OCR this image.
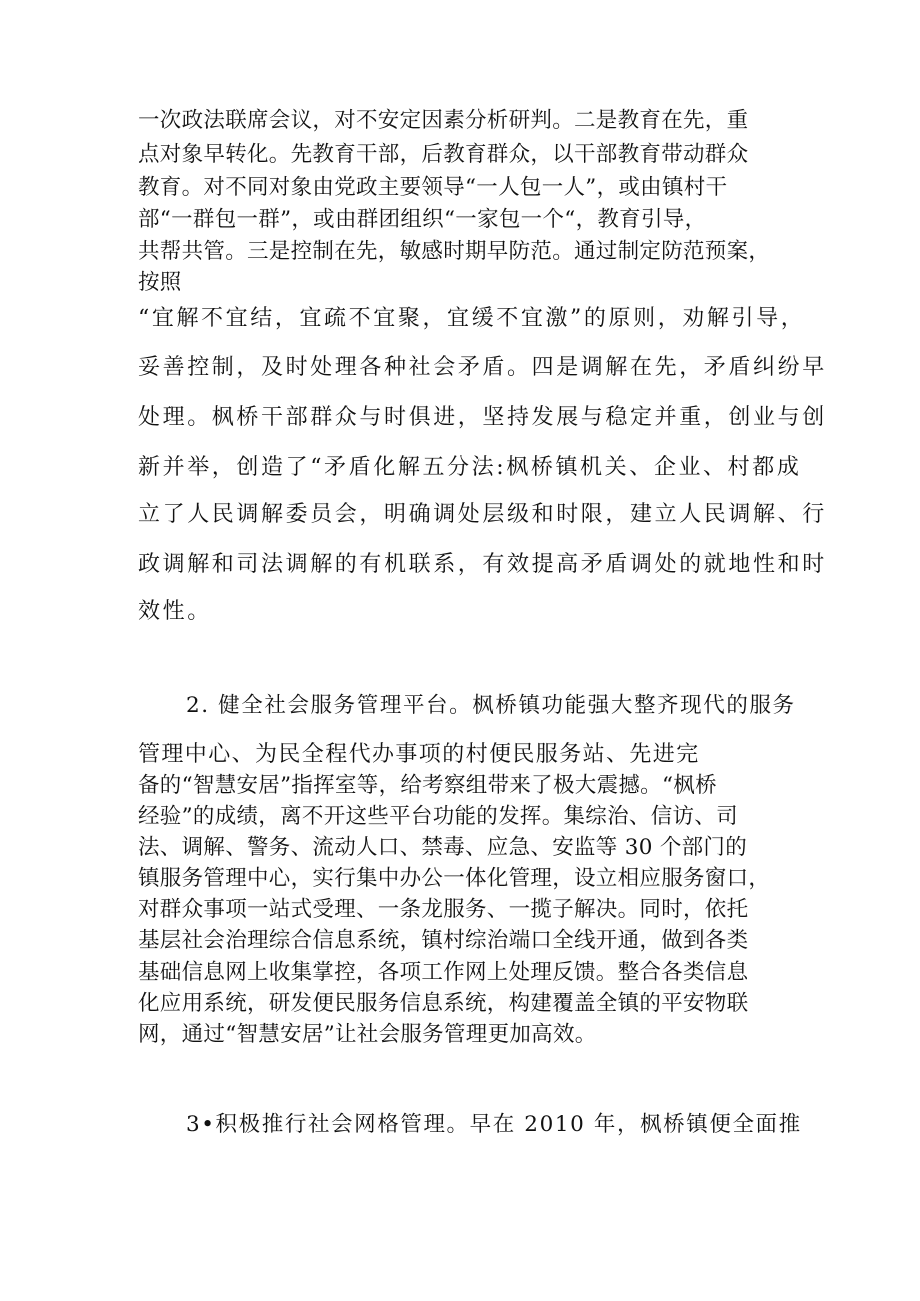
一次政法联席会议，对不安定因素分析研判。二是教育在先，重

点对象早转化。先教育干部，后教育群众，以干部教育带动群众

教育。对不同对象由党政主要领导“一人包一人”，或由镇村干

部“一群包一群”，或由群团组织“一家包一个“，教育引导，

共帮共管。三是控制在先，敏感时期早防范。通过制定防范预案，

按照

“宜解不宜结，宜疏不宜聚，宜缓不宜激”的原则，劝解引导，

妥善控制，及时处理各种社会矛盾。四是调解在先，矛盾纠纷早

处理。枫桥干部群众与时俱进，坚持发展与稳定并重，创业与创

新并举，创造了“矛盾化解五分法:枫桥镇机关、企业、村都成

立了人民调解委员会，明确调处层级和时限，建立人民调解、行

政调解和司法调解的有机联系，有效提高矛盾调处的就地性和时

效性。

2. 健全社会服务管理平台。枫桥镇功能强大整齐现代的服务

管理中心、为民全程代办事项的村便民服务站、先进完

备的“智慧安居”指挥室等，给考察组带来了极大震撼。“枫桥

经验”的成绩，离不开这些平台功能的发挥。集综治、信访、司

法、调解、警务、流动人口、禁毒、应急、安监等 30 个部门的

镇服务管理中心，实行集中办公一体化管理，设立相应服务窗口，

对群众事项一站式受理、一条龙服务、一揽子解决。同时，依托

基层社会治理综合信息系统，镇村综治端口全线开通，做到各类

基础信息网上收集掌控，各项工作网上处理反馈。整合各类信息

化应用系统，研发便民服务信息系统，构建覆盖全镇的平安物联

网，通过“智慧安居”让社会服务管理更加高效。

3•积极推行社会网格管理。早在 2010 年，枫桥镇便全面推
